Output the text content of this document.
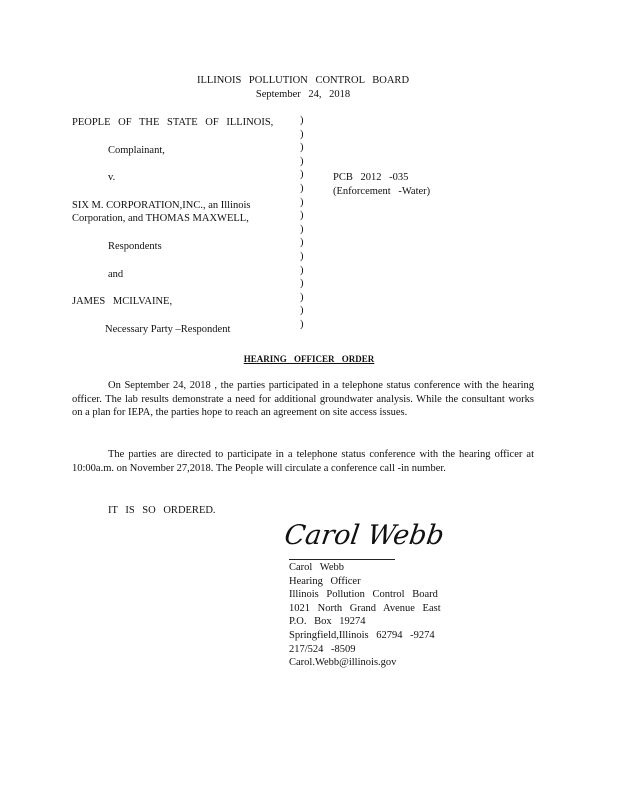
ILLINOIS POLLUTION CONTROL BOARD
September 24, 2018
PEOPLE OF THE STATE OF ILLINOIS,
Complainant,
v.
SIX M. CORPORATION,INC., an Illinois
Corporation, and THOMAS MAXWELL,
Respondents
and
JAMES MCILVAINE,
Necessary Party –Respondent
)
)
)
)
)
)
)
)
)
)
)
)
)
)
)
)
PCB 2012 -035
(Enforcement -Water)
HEARING OFFICER ORDER
On September 24, 2018 , the parties participated in a telephone status conference with the hearing officer. The lab results demonstrate a need for additional groundwater analysis. While the consultant works on a plan for IEPA, the parties hope to reach an agreement on site access issues.
The parties are directed to participate in a telephone status conference with the hearing officer at 10:00a.m. on November 27,2018. The People will circulate a conference call -in number.
IT IS SO ORDERED.
Carol Webb
Carol Webb
Hearing Officer
Illinois Pollution Control Board
1021 North Grand Avenue East
P.O. Box 19274
Springfield,Illinois 62794 -9274
217/524 -8509
Carol.Webb@illinois.gov
